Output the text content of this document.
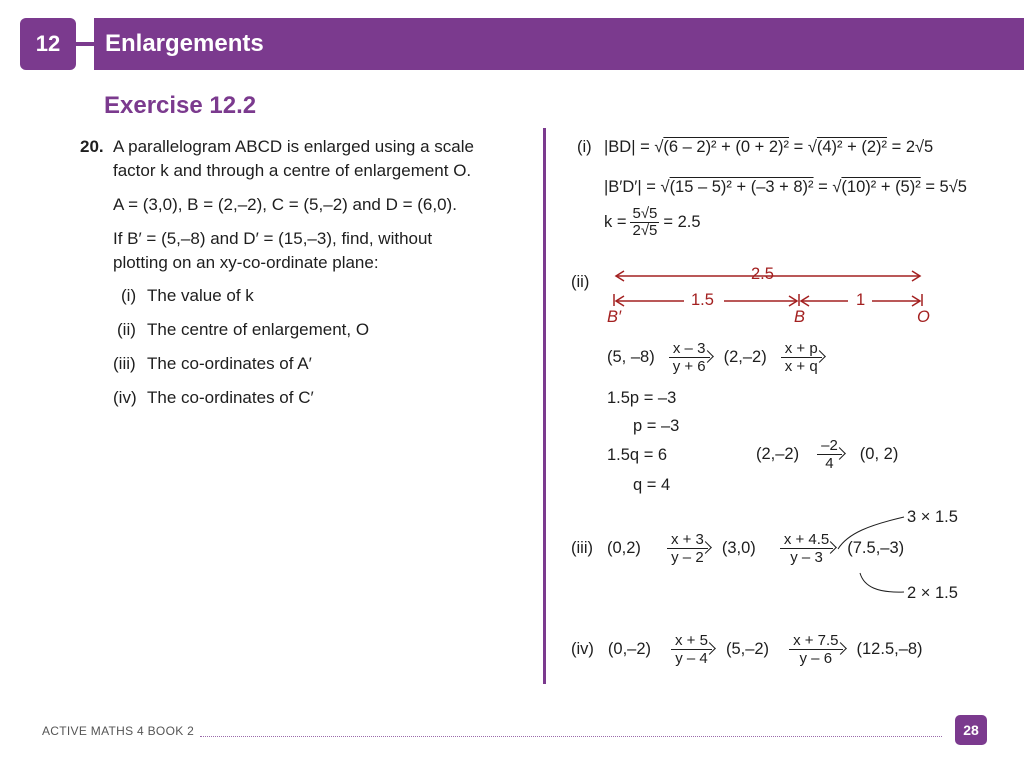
12	Enlargements
Exercise 12.2
20. A parallelogram ABCD is enlarged using a scale
factor k and through a centre of enlargement O.
A = (3,0), B = (2,–2), C = (5,–2) and D = (6,0).
If B′ = (5,–8) and D′ = (15,–3), find, without
plotting on an xy-co-ordinate plane:
(i) The value of k
(ii) The centre of enlargement, O
(iii) The co-ordinates of A′
(iv) The co-ordinates of C′
(i) |BD| = √(6 – 2)² + (0 + 2)² = √(4)² + (2)² = 2√5
|B′D′| = √(15 – 5)² + (–3 + 8)² = √(10)² + (5)² = 5√5
$k = \frac{5√5}{2√5} = 2.5$
(ii)	2.5
1.5	1
B′	B	O
(5, $-8) \frac{x - 3}{y + 6} (2,-2) \frac{x + p}{x + q}$
1.5p = –3
p = –3
1.5q = 6
q = 4
$(2,-2) \frac{-2}{4} (0$, 2)
3 × 1.5
(iii) $(0,2) \frac{x + 3}{y - 2} (3,0) \frac{x + 4.5}{y - 3} (7.5,-3)$
2 × 1.5
(iv) $(0,-2) \frac{x + 5}{y - 4} (5,-2) \frac{x + 7.5}{y - 6} (12.5,-8)$
ACTIVE MATHS 4 BOOK 2	28
